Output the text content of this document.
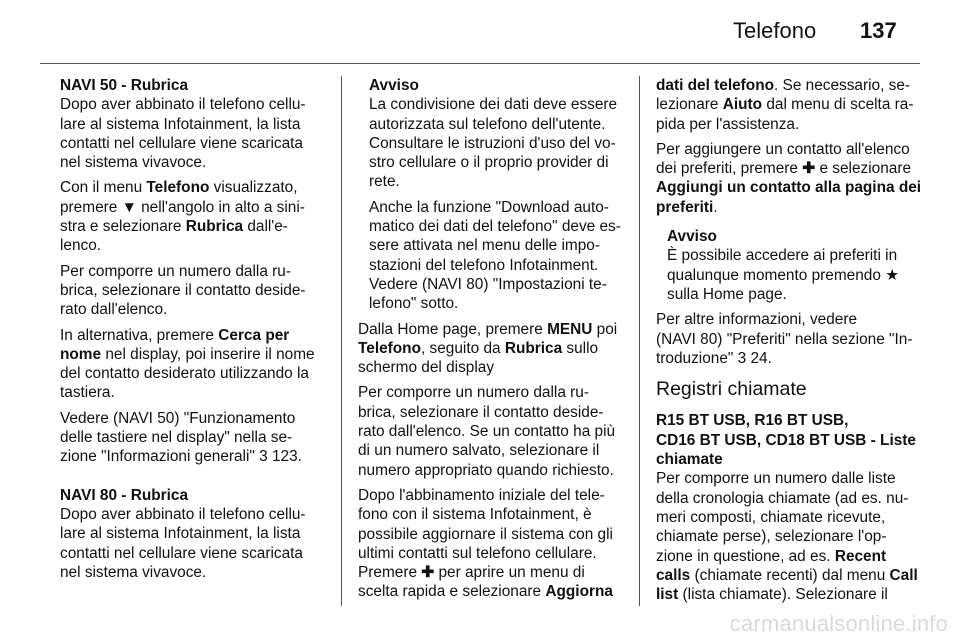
Telefono 137
NAVI 50 - Rubrica

Dopo aver abbinato il telefono cellu-
lare al sistema Infotainment, la lista
contatti nel cellulare viene scaricata
nel sistema vivavoce.

Con il menu Telefono visualizzato,
premere ▼ nell'angolo in alto a sini-
stra e selezionare Rubrica dall'e-
lenco.

Per comporre un numero dalla ru-
brica, selezionare il contatto deside-
rato dall'elenco.

In alternativa, premere Cerca per
nome nel display, poi inserire il nome
del contatto desiderato utilizzando la
tastiera.

Vedere (NAVI 50) "Funzionamento
delle tastiere nel display" nella se-
zione "Informazioni generali" 3 123.

NAVI 80 - Rubrica

Dopo aver abbinato il telefono cellu-
lare al sistema Infotainment, la lista
contatti nel cellulare viene scaricata
nel sistema vivavoce.

Avviso

La condivisione dei dati deve essere
autorizzata sul telefono dell'utente.
Consultare le istruzioni d'uso del vo-
stro cellulare o il proprio provider di
rete.

Anche la funzione "Download auto-
matico dei dati del telefono" deve es-
sere attivata nel menu delle impo-
stazioni del telefono Infotainment.
Vedere (NAVI 80) "Impostazioni te-
lefono" sotto.

Dalla Home page, premere MENU poi
Telefono, seguito da Rubrica sullo
schermo del display

Per comporre un numero dalla ru-
brica, selezionare il contatto deside-
rato dall'elenco. Se un contatto ha più
di un numero salvato, selezionare il
numero appropriato quando richiesto.

Dopo l'abbinamento iniziale del tele-
fono con il sistema Infotainment, è
possibile aggiornare il sistema con gli
ultimi contatti sul telefono cellulare.
Premere ✚ per aprire un menu di
scelta rapida e selezionare Aggiorna

dati del telefono. Se necessario, se-
lezionare Aiuto dal menu di scelta ra-
pida per l'assistenza.

Per aggiungere un contatto all'elenco
dei preferiti, premere ✚ e selezionare
Aggiungi un contatto alla pagina dei
preferiti.

Avviso

È possibile accedere ai preferiti in
qualunque momento premendo ★
sulla Home page.

Per altre informazioni, vedere
(NAVI 80) "Preferiti" nella sezione "In-
troduzione" 3 24.

Registri chiamate
R15 BT USB, R16 BT USB,
CD16 BT USB, CD18 BT USB - Liste
chiamate

Per comporre un numero dalle liste
della cronologia chiamate (ad es. nu-
meri composti, chiamate ricevute,
chiamate perse), selezionare l'op-
zione in questione, ad es. Recent
calls (chiamate recenti) dal menu Call
list (lista chiamate). Selezionare il

carmanualsonline.info
